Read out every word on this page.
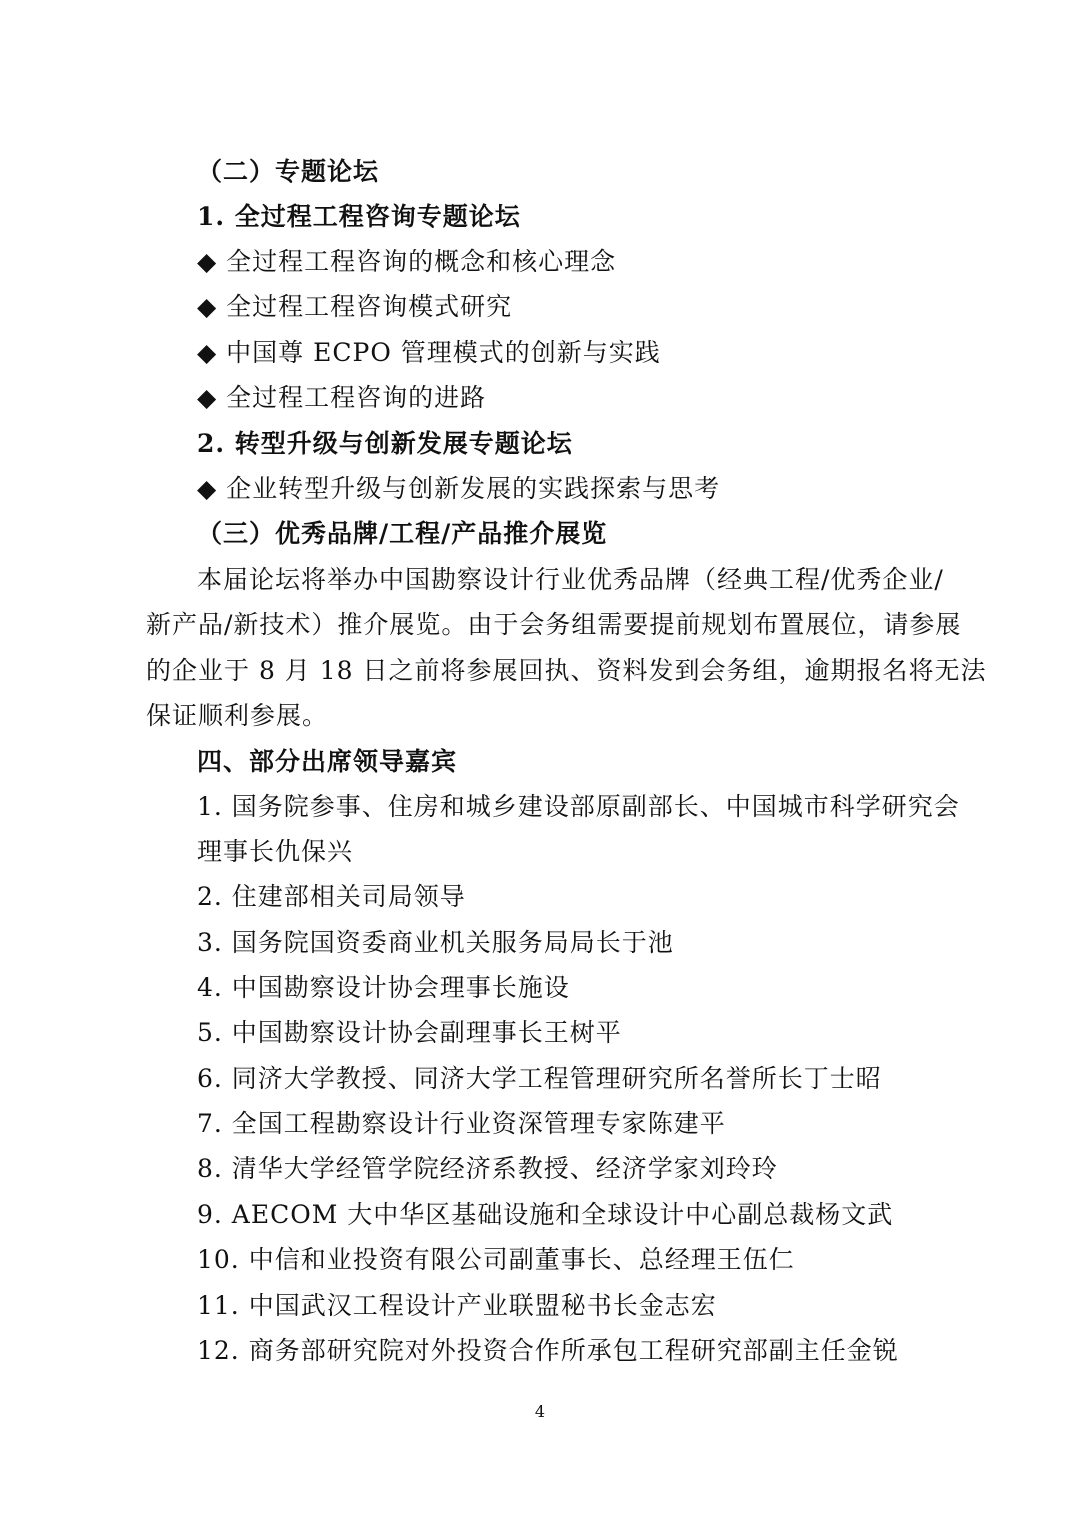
（二）专题论坛
1. 全过程工程咨询专题论坛
◆ 全过程工程咨询的概念和核心理念
◆ 全过程工程咨询模式研究
◆ 中国尊 ECPO 管理模式的创新与实践
◆ 全过程工程咨询的进路
2. 转型升级与创新发展专题论坛
◆ 企业转型升级与创新发展的实践探索与思考
（三）优秀品牌/工程/产品推介展览
本届论坛将举办中国勘察设计行业优秀品牌（经典工程/优秀企业/
新产品/新技术）推介展览。由于会务组需要提前规划布置展位，请参展
的企业于 8 月 18 日之前将参展回执、资料发到会务组，逾期报名将无法
保证顺利参展。
四、部分出席领导嘉宾
1. 国务院参事、住房和城乡建设部原副部长、中国城市科学研究会
理事长仇保兴
2. 住建部相关司局领导
3. 国务院国资委商业机关服务局局长于池
4. 中国勘察设计协会理事长施设
5. 中国勘察设计协会副理事长王树平
6. 同济大学教授、同济大学工程管理研究所名誉所长丁士昭
7. 全国工程勘察设计行业资深管理专家陈建平
8. 清华大学经管学院经济系教授、经济学家刘玲玲
9. AECOM 大中华区基础设施和全球设计中心副总裁杨文武
10. 中信和业投资有限公司副董事长、总经理王伍仁
11. 中国武汉工程设计产业联盟秘书长金志宏
12. 商务部研究院对外投资合作所承包工程研究部副主任金锐
4
